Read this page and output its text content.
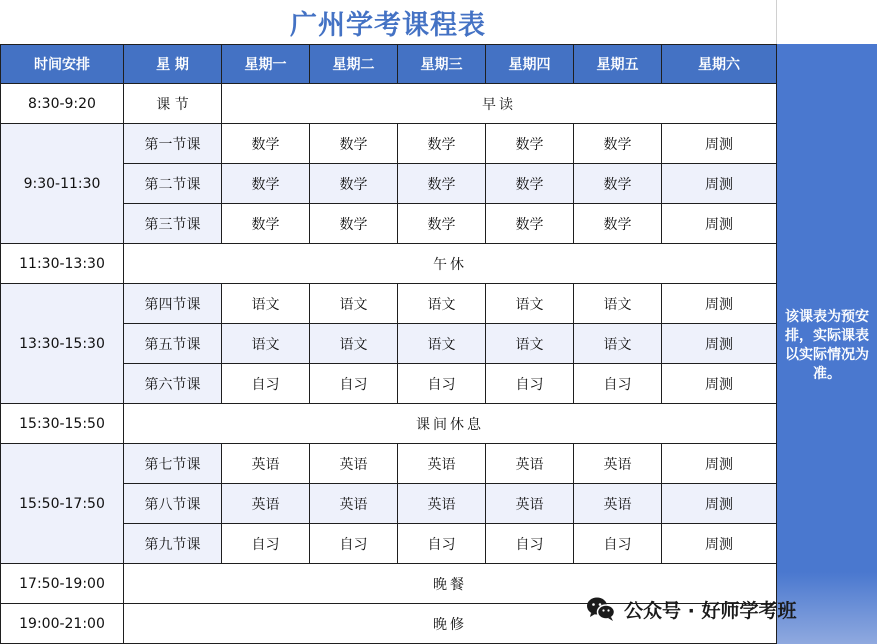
广州学考课程表
该课表为预安排，实际课表以实际情况为准。
时间安排	星 期	星期一	星期二	星期三	星期四	星期五	星期六
8:30-9:20	课 节	早读					
9:30-11:30	第一节课	数学	数学	数学	数学	数学	周测
	第二节课	数学	数学	数学	数学	数学	周测
	第三节课	数学	数学	数学	数学	数学	周测
11:30-13:30	午休						
13:30-15:30	第四节课	语文	语文	语文	语文	语文	周测
	第五节课	语文	语文	语文	语文	语文	周测
	第六节课	自习	自习	自习	自习	自习	周测
15:30-15:50	课间休息						
15:50-17:50	第七节课	英语	英语	英语	英语	英语	周测
	第八节课	英语	英语	英语	英语	英语	周测
	第九节课	自习	自习	自习	自习	自习	周测
17:50-19:00	晚餐						
19:00-21:00	晚修						
公众号 · 好师学考班
